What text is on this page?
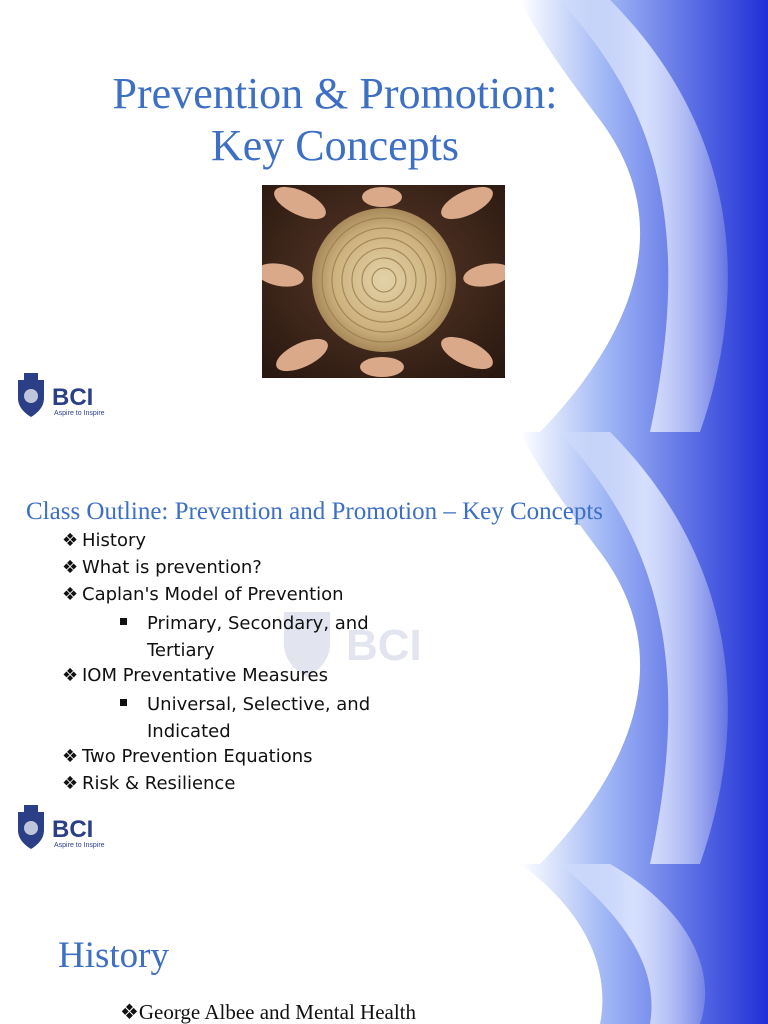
Prevention & Promotion:
Key Concepts
BCI
Aspire to Inspire
BCI
Class Outline: Prevention and Promotion – Key Concepts
❖ History
❖ What is prevention?
❖ Caplan's Model of Prevention
Primary, Secondary, and
Tertiary
❖ IOM Preventative Measures
Universal, Selective, and
Indicated
❖ Two Prevention Equations
❖ Risk & Resilience
BCI
Aspire to Inspire
History
❖George Albee and Mental Health
